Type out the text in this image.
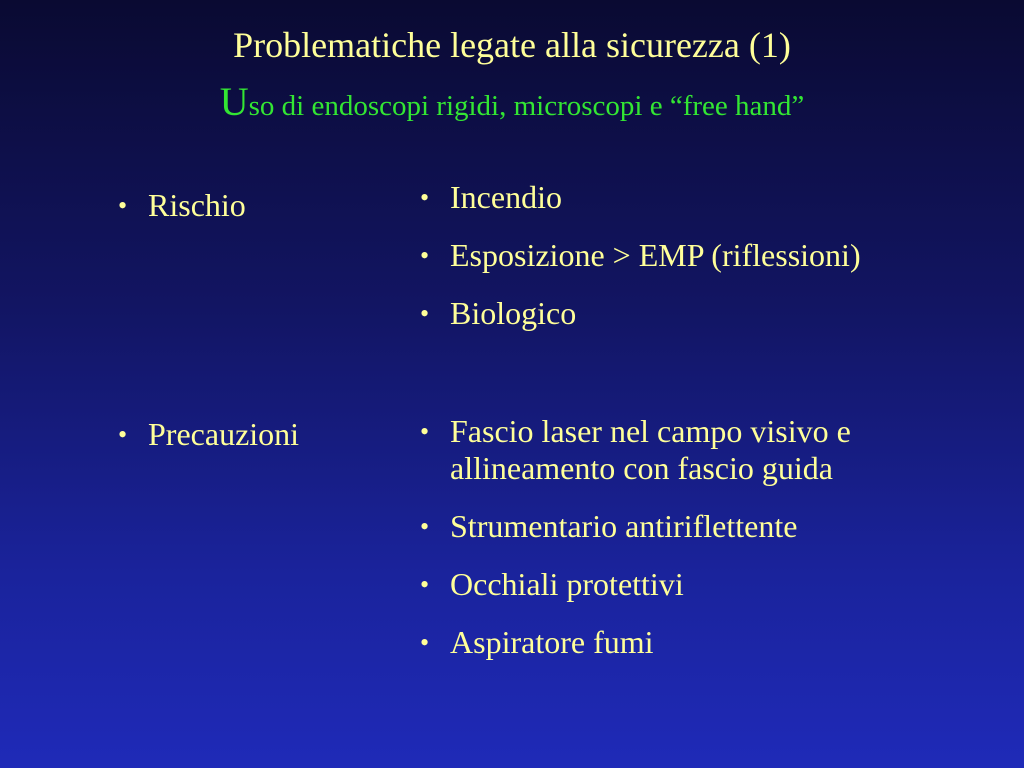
Problematiche legate alla sicurezza (1)
Uso di endoscopi rigidi, microscopi e “free hand”
• Rischio
• Precauzioni
• Incendio
• Esposizione > EMP (riflessioni)
• Biologico
• Fascio laser nel campo visivo e allineamento con fascio guida
• Strumentario antiriflettente
• Occhiali protettivi
• Aspiratore fumi
